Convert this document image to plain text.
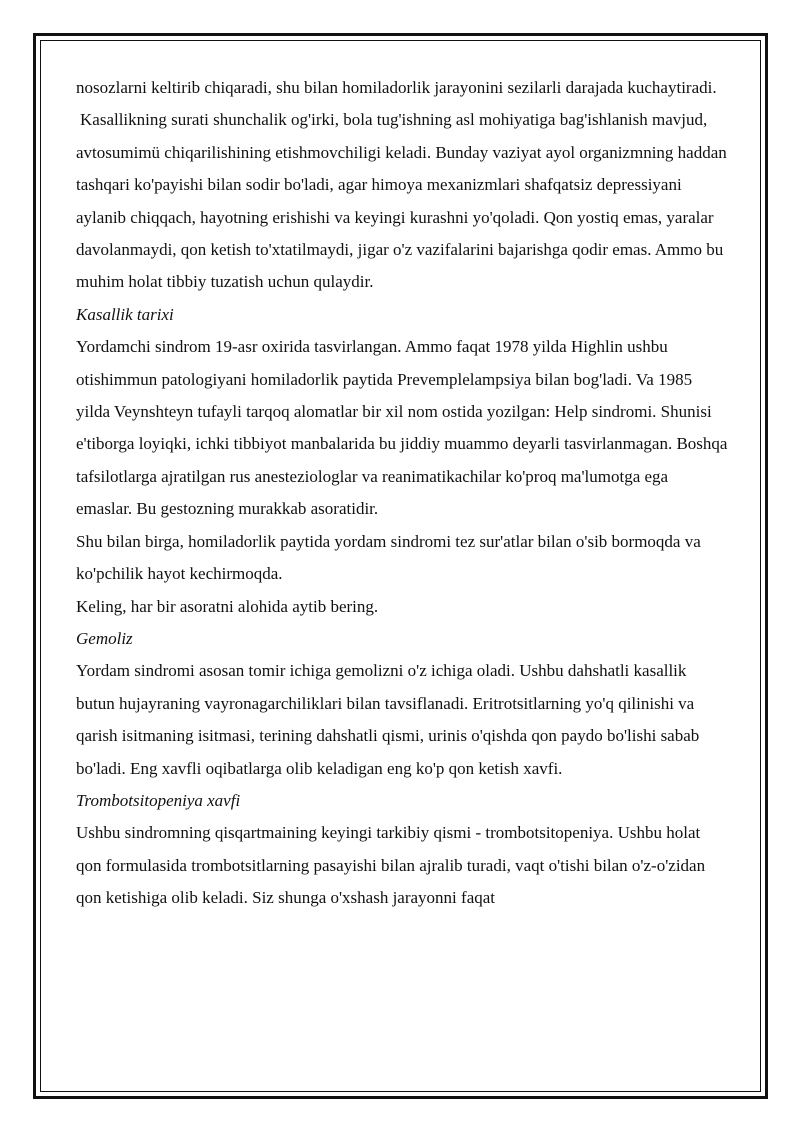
nosozlarni keltirib chiqaradi, shu bilan homiladorlik jarayonini sezilarli darajada kuchaytiradi.

Kasallikning surati shunchalik og'irki, bola tug'ishning asl mohiyatiga bag'ishlanish mavjud, avtosumimü chiqarilishining etishmovchiligi keladi. Bunday vaziyat ayol organizmning haddan tashqari ko'payishi bilan sodir bo'ladi, agar himoya mexanizmlari shafqatsiz depressiyani aylanib chiqqach, hayotning erishishi va keyingi kurashni yo'qoladi. Qon yostiq emas, yaralar davolanmaydi, qon ketish to'xtatilmaydi, jigar o'z vazifalarini bajarishga qodir emas. Ammo bu muhim holat tibbiy tuzatish uchun qulaydir.

Kasallik tarixi

Yordamchi sindrom 19-asr oxirida tasvirlangan. Ammo faqat 1978 yilda Highlin ushbu otishimmun patologiyani homiladorlik paytida Prevemplelampsiya bilan bog'ladi. Va 1985 yilda Veynshteyn tufayli tarqoq alomatlar bir xil nom ostida yozilgan: Help sindromi. Shunisi e'tiborga loyiqki, ichki tibbiyot manbalarida bu jiddiy muammo deyarli tasvirlanmagan. Boshqa tafsilotlarga ajratilgan rus anesteziologlar va reanimatikachilar ko'proq ma'lumotga ega emaslar. Bu gestozning murakkab asoratidir.

Shu bilan birga, homiladorlik paytida yordam sindromi tez sur'atlar bilan o'sib bormoqda va ko'pchilik hayot kechirmoqda.

Keling, har bir asoratni alohida aytib bering.

Gemoliz

Yordam sindromi asosan tomir ichiga gemolizni o'z ichiga oladi. Ushbu dahshatli kasallik butun hujayraning vayronagarchiliklari bilan tavsiflanadi. Eritrotsitlarning yo'q qilinishi va qarish isitmaning isitmasi, terining dahshatli qismi, urinis o'qishda qon paydo bo'lishi sabab bo'ladi. Eng xavfli oqibatlarga olib keladigan eng ko'p qon ketish xavfi.

Trombotsitopeniya xavfi

Ushbu sindromning qisqartmaining keyingi tarkibiy qismi - trombotsitopeniya. Ushbu holat qon formulasida trombotsitlarning pasayishi bilan ajralib turadi, vaqt o'tishi bilan o'z-o'zidan qon ketishiga olib keladi. Siz shunga o'xshash jarayonni faqat
